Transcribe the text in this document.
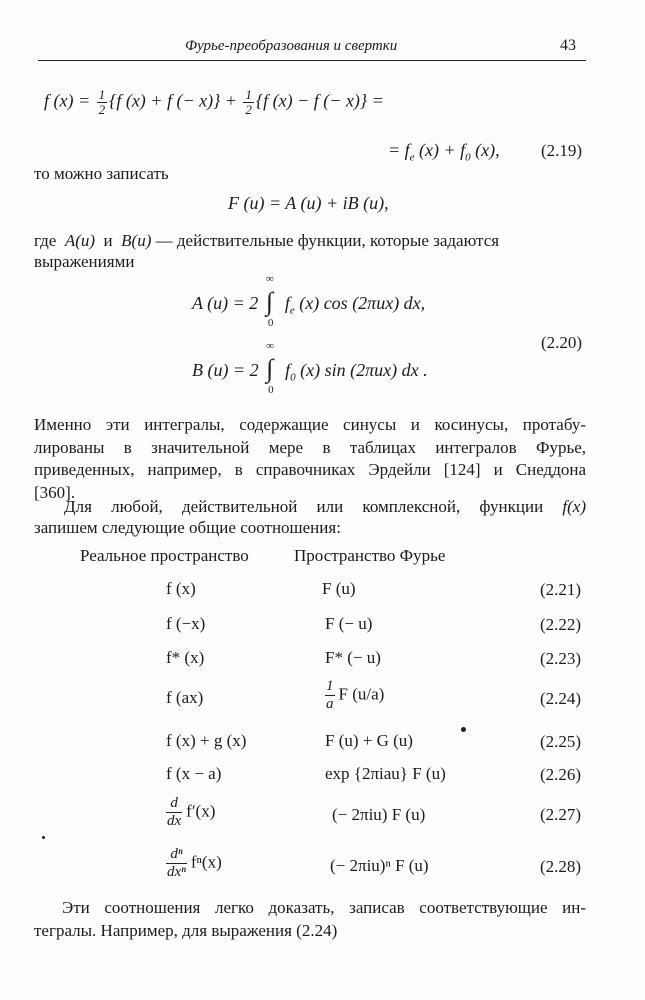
Фурье-преобразования и свертки	43
f $(x) = \frac{1}{2} \{f$ (x) + f (− $x)\} + \frac{1}{2} \{f$ (x) − f (− x)} =
= $f_e$ $(x) + f_0$ (x), (2.19)
то можно записать
F (u) = A (u) + iB (u),
где A(u) и B(u) — действительные функции, которые задаются
выражениями
A (u) = 2
∞
∫
0
$f_e$ (x) cos (2πux) dx,
(2.20)
B (u) = 2
∞
∫
0
$f_0$ (x) sin (2πux) dx .
Именно эти интегралы, содержащие синусы и косинусы, протабу-
лированы в значительной мере в таблицах интегралов Фурье,
приведенных, например, в справочниках Эрдейли [124] и Снеддона
[360].
Для любой, действительной или комплексной, функции f(x)
запишем следующие общие соотношения:
Реальное пространство	Пространство Фурье
f (x)	F (u)	(2.21)
f (−x)	F (− u)	(2.22)
f* (x)	F* (− u)	(2.23)
f (ax)	$\frac{1}{a}$ F (u/a)	(2.24)
f (x) + g (x)	F (u) + G (u)	(2.25)
f (x − a)	exp {2πiau} F (u)	(2.26)
$\frac{d}{dx} f'(x)$	(− 2πiu) F (u)	(2.27)
$\frac{\text{dⁿ}}{\text{dxⁿ}} f^n(x)$	(− 2πiu)ⁿ F (u)	(2.28)
Эти соотношения легко доказать, записав соответствующие ин-
тегралы. Например, для выражения (2.24)
